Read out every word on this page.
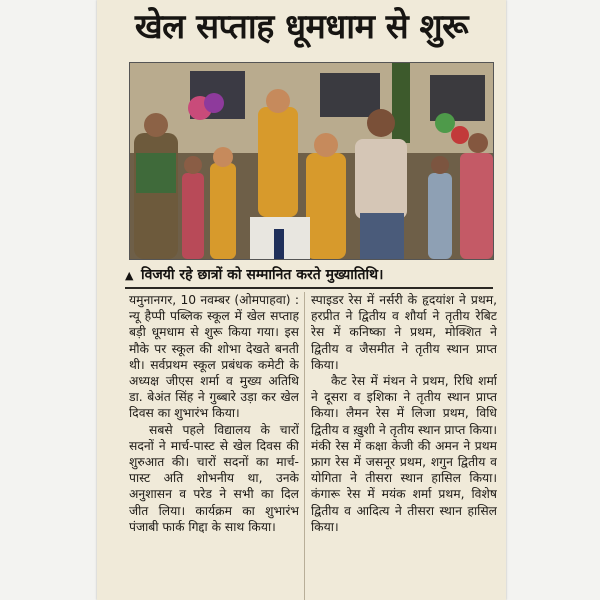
खेल सप्ताह धूमधाम से शुरू
▲ विजयी रहे छात्रों को सम्मानित करते मुख्यातिथि।

यमुनानगर, 10 नवम्बर (ओमपाहवा) : न्यू हैप्पी पब्लिक स्कूल में खेल सप्ताह बड़ी धूमधाम से शुरू किया गया। इस मौके पर स्कूल की शोभा देखते बनती थी। सर्वप्रथम स्कूल प्रबंधक कमेटी के अध्यक्ष जीएस शर्मा व मुख्य अतिथि डा. बेअंत सिंह ने गुब्बारे उड़ा कर खेल दिवस का शुभारंभ किया।

सबसे पहले विद्यालय के चारों सदनों ने मार्च-पास्ट से खेल दिवस की शुरुआत की। चारों सदनों का मार्च-पास्ट अति शोभनीय था, उनके अनुशासन व परेड ने सभी का दिल जीत लिया। कार्यक्रम का शुभारंभ पंजाबी फार्क गिद्दा के साथ किया।

स्पाइडर रेस में नर्सरी के हृदयांश ने प्रथम, हरप्रीत ने द्वितीय व शौर्या ने तृतीय रेबिट रेस में कनिष्का ने प्रथम, मोक्शित ने द्वितीय व जैसमीत ने तृतीय स्थान प्राप्त किया।

कैट रेस में मंथन ने प्रथम, रिधि शर्मा ने दूसरा व इशिका ने तृतीय स्थान प्राप्त किया। लैमन रेस में लिजा प्रथम, विधि द्वितीय व ख़ुशी ने तृतीय स्थान प्राप्त किया। मंकी रेस में कक्षा केजी की अमन ने प्रथम फ्राग रेस में जसनूर प्रथम, शगुन द्वितीय व योगिता ने तीसरा स्थान हासिल किया। कंगारू रेस में मयंक शर्मा प्रथम, विशेष द्वितीय व आदित्य ने तीसरा स्थान हासिल किया।
